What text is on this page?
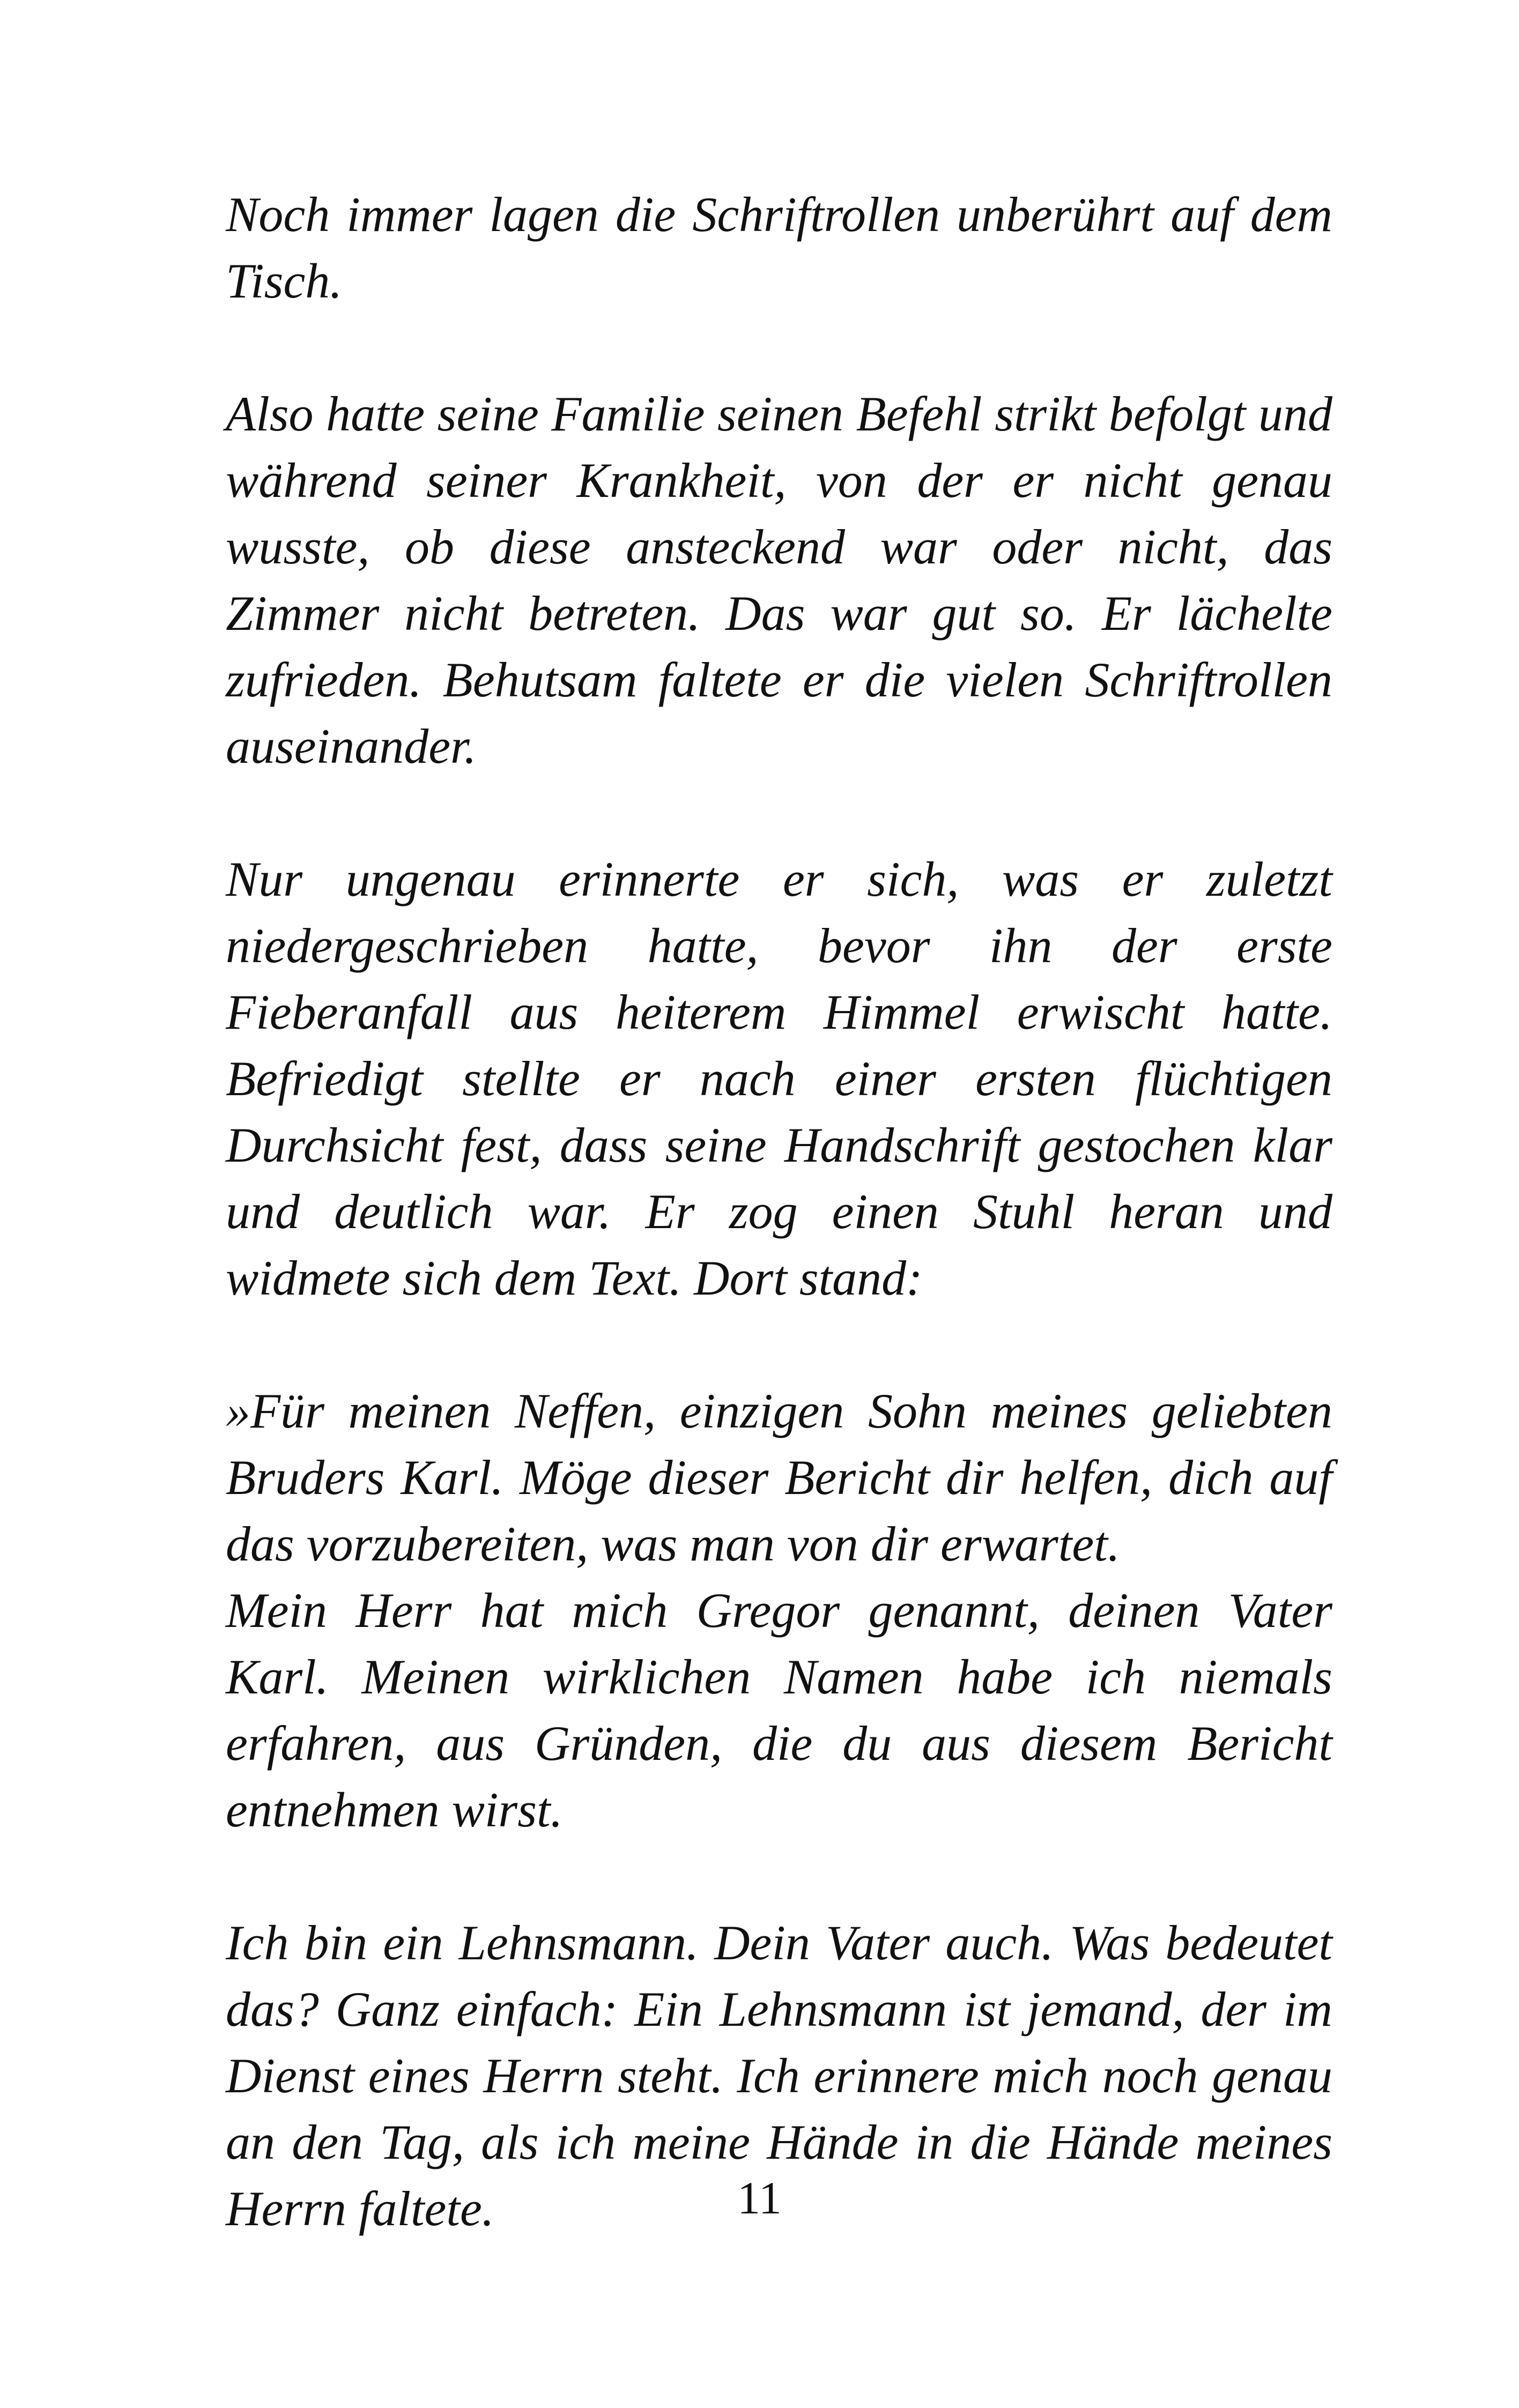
Noch immer lagen die Schriftrollen unberührt auf dem Tisch.

Also hatte seine Familie seinen Befehl strikt befolgt und während seiner Krankheit, von der er nicht genau wusste, ob diese ansteckend war oder nicht, das Zimmer nicht betreten. Das war gut so. Er lächelte zufrieden. Behutsam faltete er die vielen Schriftrollen auseinander.

Nur ungenau erinnerte er sich, was er zuletzt niedergeschrieben hatte, bevor ihn der erste Fieberanfall aus heiterem Himmel erwischt hatte. Befriedigt stellte er nach einer ersten flüchtigen Durchsicht fest, dass seine Handschrift gestochen klar und deutlich war. Er zog einen Stuhl heran und widmete sich dem Text. Dort stand:

»Für meinen Neffen, einzigen Sohn meines geliebten Bruders Karl. Möge dieser Bericht dir helfen, dich auf das vorzubereiten, was man von dir erwartet.

Mein Herr hat mich Gregor genannt, deinen Vater Karl. Meinen wirklichen Namen habe ich niemals erfahren, aus Gründen, die du aus diesem Bericht entnehmen wirst.

Ich bin ein Lehnsmann. Dein Vater auch. Was bedeutet das? Ganz einfach: Ein Lehnsmann ist jemand, der im Dienst eines Herrn steht. Ich erinnere mich noch genau an den Tag, als ich meine Hände in die Hände meines Herrn faltete.	11
